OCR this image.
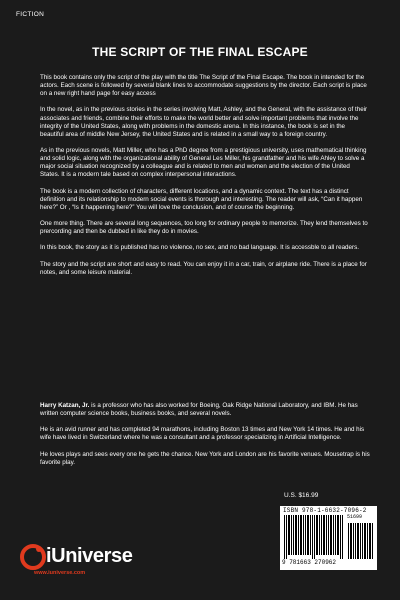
FICTION
THE SCRIPT OF THE FINAL ESCAPE

This book contains only the script of the play with the title The Script of the Final Escape. The book in intended for the actors. Each scene is followed by several blank lines to accommodate suggestions by the director. Each script is place on a new right hand page for easy access

In the novel, as in the previous stories in the series involving Matt, Ashley, and the General, with the assistance of their associates and friends, combine their efforts to make the world better and solve important problems that involve the integrity of the United States, along with problems in the domestic arena. In this instance, the book is set in the beautiful area of middle New Jersey, the United States and is related in a small way to a foreign country.

As in the previous novels, Matt Miller, who has a PhD degree from a prestigious university, uses mathematical thinking and solid logic, along with the organizational ability of General Les Miller, his grandfather and his wife Ahley to solve a major social situation recognized by a colleague and is related to men and women and the election of the United States. It is a modern tale based on complex interpersonal interactions.

The book is a modern collection of characters, different locations, and a dynamic context. The text has a distinct definition and its relationship to modern social events is thorough and interesting. The reader will ask, “Can it happen here?” Or , “Is it happening here?” You will love the conclusion, and of course the beginning.

One more thing. There are several long sequences, too long for ordinary people to memorize. They lend themselves to prercording and then be dubbed in like they do in movies.

In this book, the story as it is published has no violence, no sex, and no bad language. It is accessble to all readers.

The story and the script are short and easy to read. You can enjoy it in a car, train, or airplane ride. There is a place for notes, and some leisure material.

Harry Katzan, Jr. is a professor who has also worked for Boeing, Oak Ridge National Laboratory, and IBM. He has written computer science books, business books, and several novels.

He is an avid runner and has completed 94 marathons, including Boston 13 times and New York 14 times. He and his wife have lived in Switzerland where he was a consultant and a professor specializing in Artificial Intelligence.

He loves plays and sees every one he gets the chance. New York and London are his favorite venues. Mousetrap is his favorite play.

U.S. $16.99
ISBN 978-1-6632-7096-2
51699
9 781663 270962
iUniverse
www.iuniverse.com
